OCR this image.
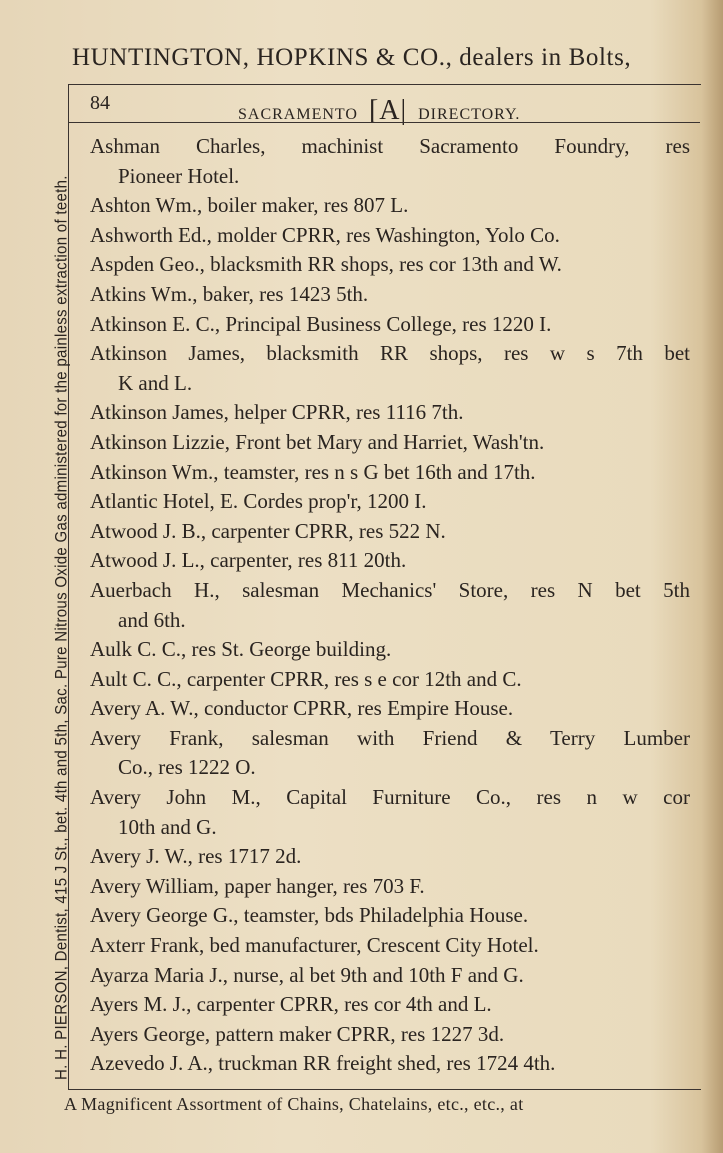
HUNTINGTON, HOPKINS & CO., dealers in Bolts,
84
SACRAMENTO [A| DIRECTORY.
Ashman Charles, machinist Sacramento Foundry, res
Pioneer Hotel.
Ashton Wm., boiler maker, res 807 L.
Ashworth Ed., molder CPRR, res Washington, Yolo Co.
Aspden Geo., blacksmith RR shops, res cor 13th and W.
Atkins Wm., baker, res 1423 5th.
Atkinson E. C., Principal Business College, res 1220 I.
Atkinson James, blacksmith RR shops, res w s 7th bet
K and L.
Atkinson James, helper CPRR, res 1116 7th.
Atkinson Lizzie, Front bet Mary and Harriet, Wash'tn.
Atkinson Wm., teamster, res n s G bet 16th and 17th.
Atlantic Hotel, E. Cordes prop'r, 1200 I.
Atwood J. B., carpenter CPRR, res 522 N.
Atwood J. L., carpenter, res 811 20th.
Auerbach H., salesman Mechanics' Store, res N bet 5th
and 6th.
Aulk C. C., res St. George building.
Ault C. C., carpenter CPRR, res s e cor 12th and C.
Avery A. W., conductor CPRR, res Empire House.
Avery Frank, salesman with Friend & Terry Lumber
Co., res 1222 O.
Avery John M., Capital Furniture Co., res n w cor
10th and G.
Avery J. W., res 1717 2d.
Avery William, paper hanger, res 703 F.
Avery George G., teamster, bds Philadelphia House.
Axterr Frank, bed manufacturer, Crescent City Hotel.
Ayarza Maria J., nurse, al bet 9th and 10th F and G.
Ayers M. J., carpenter CPRR, res cor 4th and L.
Ayers George, pattern maker CPRR, res 1227 3d.
Azevedo J. A., truckman RR freight shed, res 1724 4th.
H. H. PIERSON, Dentist, 415 J St., bet. 4th and 5th, Sac. Pure Nitrous Oxide Gas administered for the painless extraction of teeth.
A Magnificent Assortment of Chains, Chatelains, etc., etc., at
